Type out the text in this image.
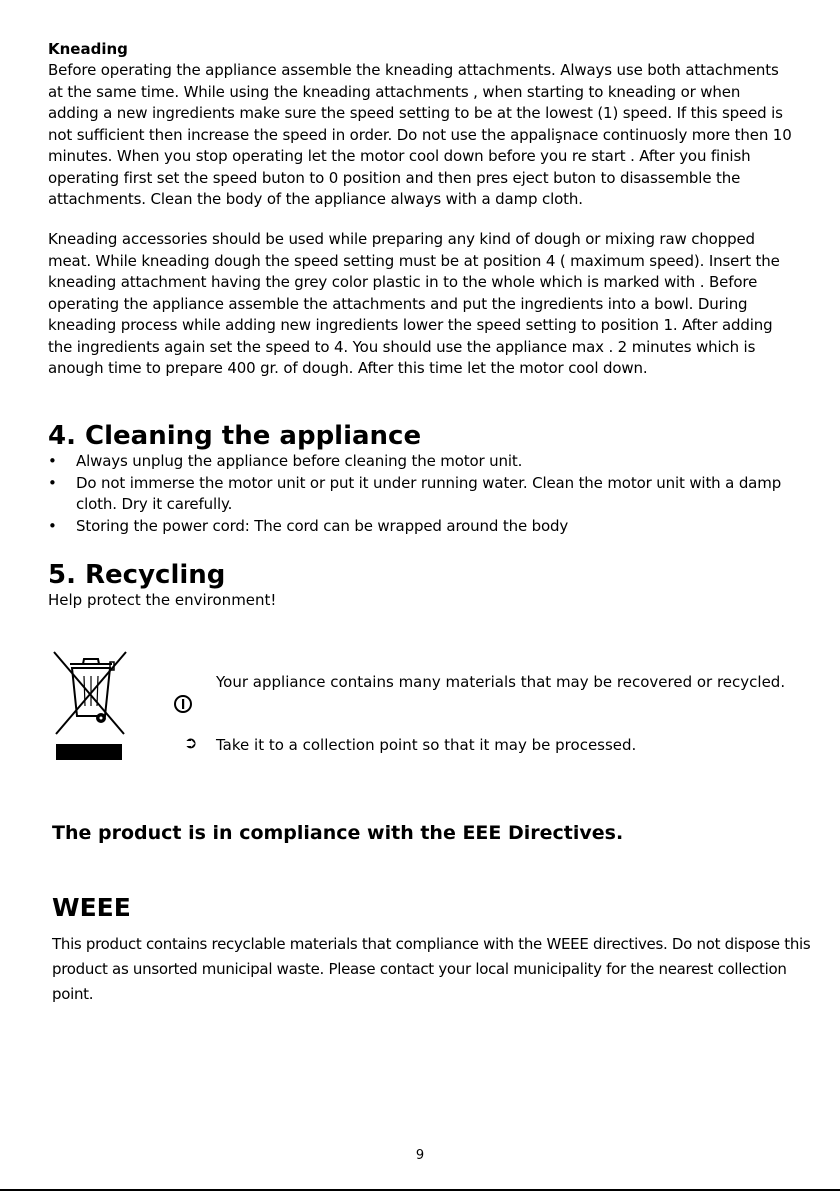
Kneading
Before operating the appliance assemble the kneading attachments. Always use both attachments at the same time. While using the kneading attachments , when starting to kneading or when adding a new ingredients make sure the speed setting to be at the lowest (1) speed. If this speed is not sufficient then increase the speed in order. Do not use the appalişnace continuosly more then 10 minutes. When you stop operating let the motor cool down before you re start . After you finish operating first set the speed buton to 0 position and then pres eject buton to disassemble the attachments. Clean the body of the appliance always with a damp cloth.
Kneading accessories should be used while preparing any kind of dough or mixing raw chopped meat. While kneading dough the speed setting must be at position 4 ( maximum speed). Insert the kneading attachment having the grey color plastic in to the whole which is marked with . Before operating the appliance assemble the attachments and put the ingredients into a bowl. During kneading process while adding new ingredients lower the speed setting to position 1. After adding the ingredients again set the speed to 4. You should use the appliance max . 2 minutes which is anough time to prepare 400 gr. of dough. After this time let the motor cool down.
4. Cleaning the appliance
• Always unplug the appliance before cleaning the motor unit.
• Do not immerse the motor unit or put it under running water. Clean the motor unit with a damp cloth. Dry it carefully.
• Storing the power cord: The cord can be wrapped around the body
5. Recycling
Help protect the environment!
Your appliance contains many materials that may be recovered or recycled.
➲ Take it to a collection point so that it may be processed.
The product is in compliance with the EEE Directives.
WEEE
This product contains recyclable materials that compliance with the WEEE directives. Do not dispose this product as unsorted municipal waste. Please contact your local municipality for the nearest collection point.
9
